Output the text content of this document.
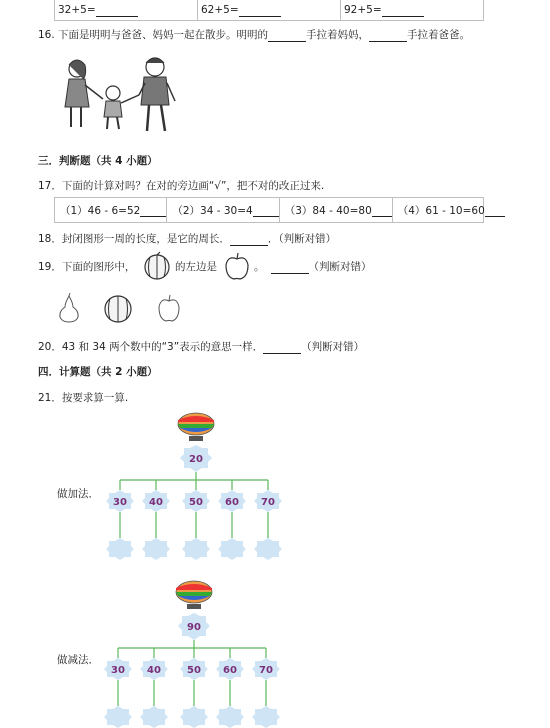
32+5=	62+5=	92+5=
16. 下面是明明与爸爸、妈妈一起在散步。明明的	手拉着妈妈，	手拉着爸爸。
三．判断题（共 4 小题）
17．下面的计算对吗？在对的旁边画“√”，把不对的改正过来.
（1）46 - 6=52	（2）34 - 30=4	（3）84 - 40=80 （4）61 - 10=60
18．封闭图形一周的长度，是它的周长．	．（判断对错）
19．下面的图形中，	的左边是	。	（判断对错）
20．43 和 34 两个数中的“3”表示的意思一样．	（判断对错）
四．计算题（共 2 小题）
21．按要求算一算.
做加法．
20
30 40	50 60 70
做减法．
90
30 40	50 60 70
